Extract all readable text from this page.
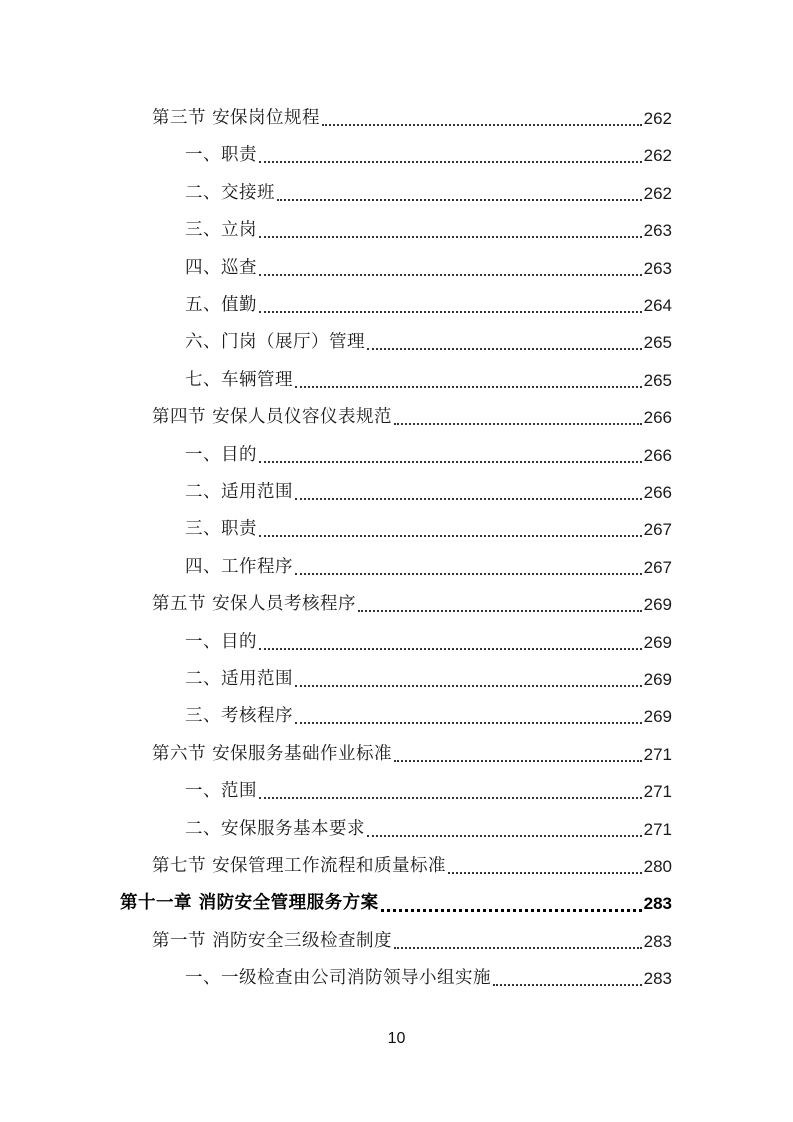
第三节 安保岗位规程	262
一、职责	262
二、交接班	262
三、立岗	263
四、巡查	263
五、值勤	264
六、门岗（展厅）管理	265
七、车辆管理	265
第四节 安保人员仪容仪表规范	266
一、目的	266
二、适用范围	266
三、职责	267
四、工作程序	267
第五节 安保人员考核程序	269
一、目的	269
二、适用范围	269
三、考核程序	269
第六节 安保服务基础作业标准	271
一、范围	271
二、安保服务基本要求	271
第七节 安保管理工作流程和质量标准	280
第十一章 消防安全管理服务方案	283
第一节 消防安全三级检查制度	283
一、一级检查由公司消防领导小组实施	283
10
